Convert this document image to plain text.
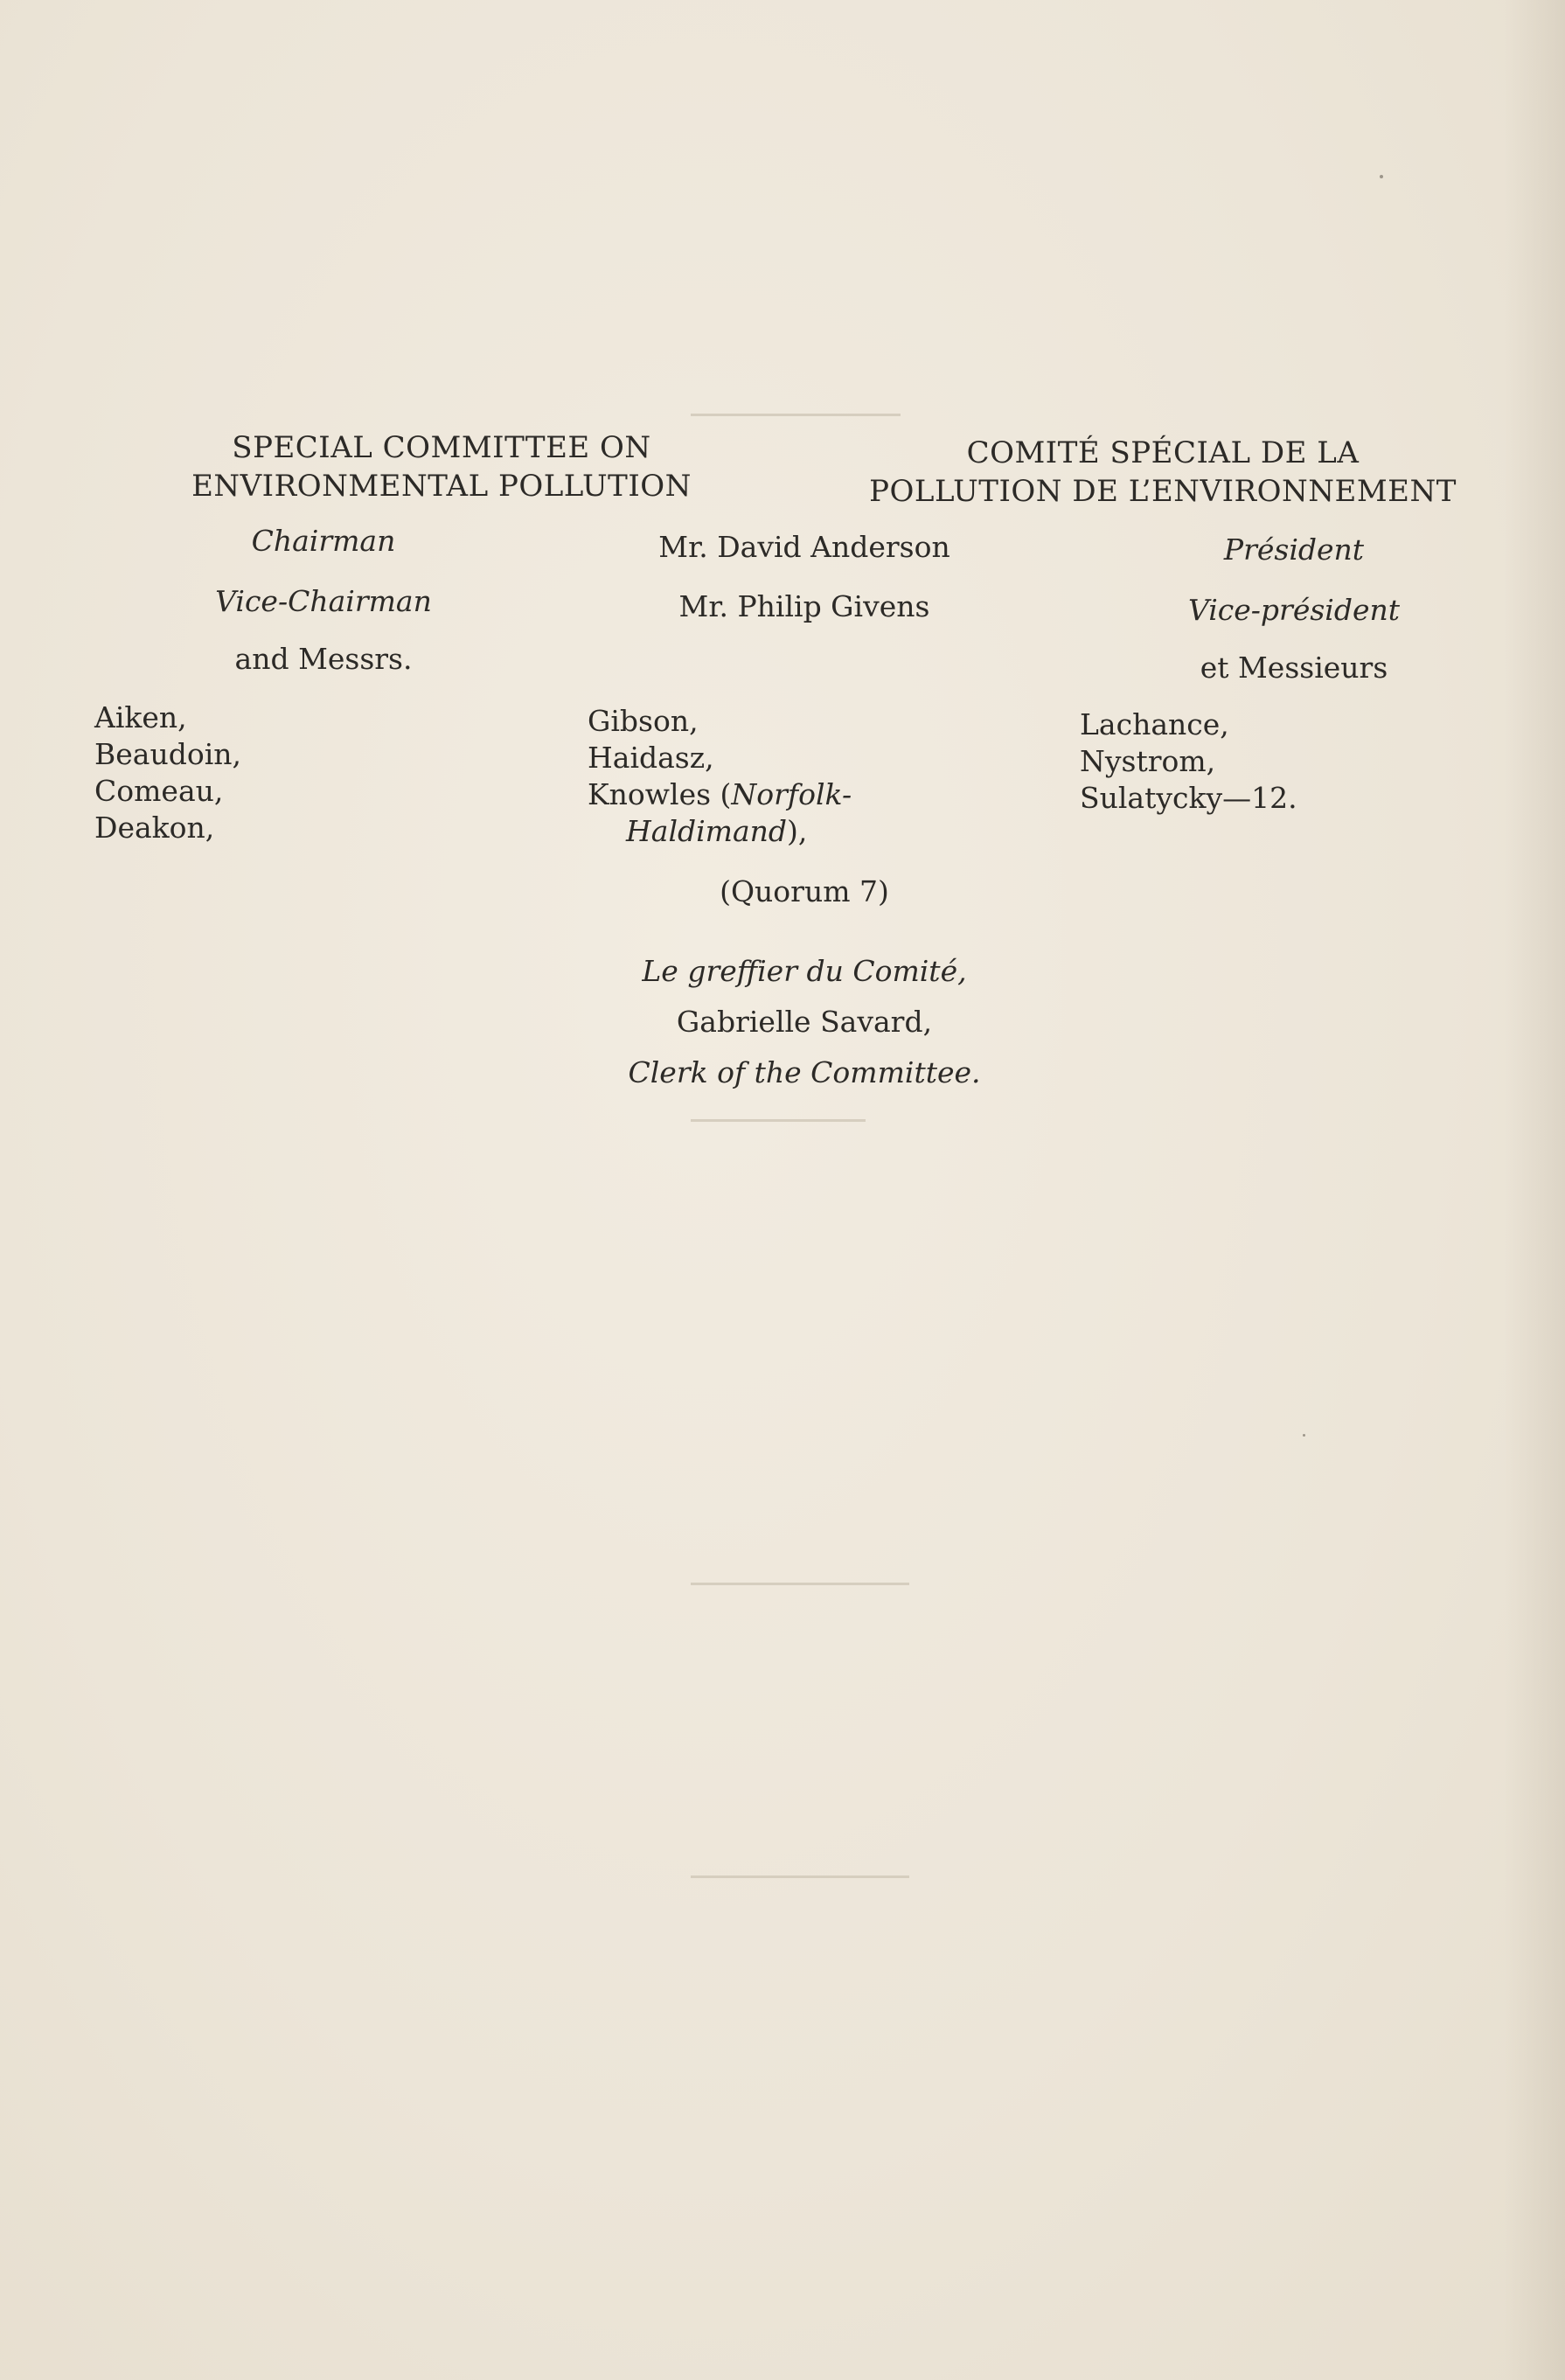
SPECIAL COMMITTEE ON
ENVIRONMENTAL POLLUTION
COMITÉ SPÉCIAL DE LA
POLLUTION DE L’ENVIRONNEMENT
Chairman	Mr. David Anderson	Président
Vice-Chairman	Mr. Philip Givens	Vice-président
and Messrs.	et Messieurs
Aiken,
Beaudoin,
Comeau,
Deakon,
Gibson,
Haidasz,
Knowles (Norfolk-
Haldimand),
Lachance,
Nystrom,
Sulatycky—12.
(Quorum 7)
Le greffier du Comité,
Gabrielle Savard,
Clerk of the Committee.
